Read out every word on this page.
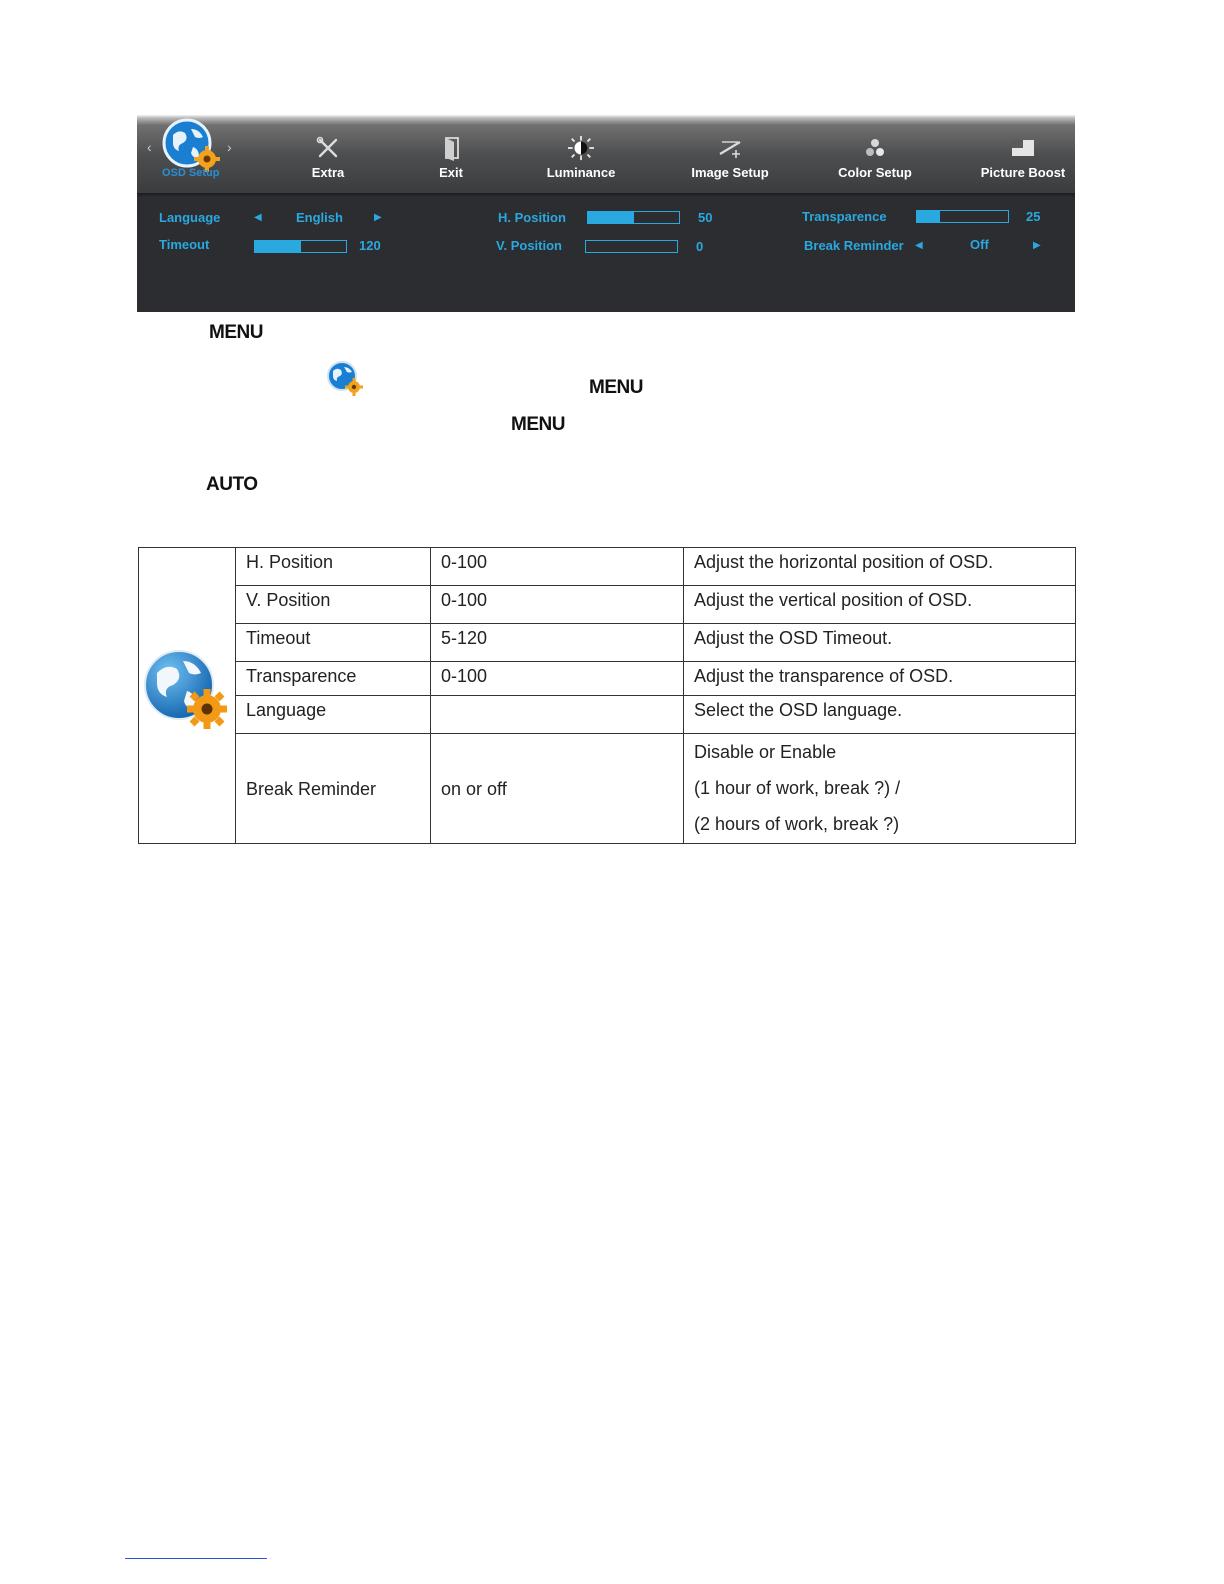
‹	›
OSD Setup	Extra	Exit	Luminance	Image Setup	Color Setup	Picture Boost
Language	◀	English	▶
Timeout	120
H. Position	50
V. Position	0
Transparence	25
Break Reminder ◀	Off	▶
MENU
MENU
MENU
AUTO
	H. Position	0-100	Adjust the horizontal position of OSD.
	V. Position	0-100	Adjust the vertical position of OSD.
	Timeout	5-120	Adjust the OSD Timeout.
	Transparence	0-100	Adjust the transparence of OSD.
	Language		Select the OSD language.
	Break Reminder	on or off	Disable or Enable
(1 hour of work, break ?) /
(2 hours of work, break ?)
